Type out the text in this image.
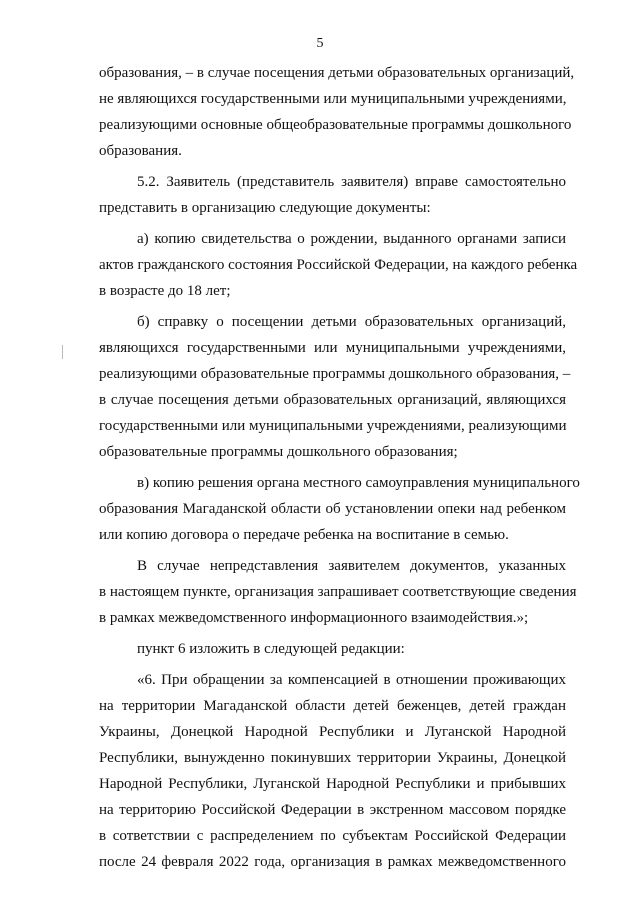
5
образования, – в случае посещения детьми образовательных организаций,
не являющихся государственными или муниципальными учреждениями,
реализующими основные общеобразовательные программы дошкольного
образования.
5.2. Заявитель (представитель заявителя) вправе самостоятельно
представить в организацию следующие документы:
а) копию свидетельства о рождении, выданного органами записи
актов гражданского состояния Российской Федерации, на каждого ребенка
в возрасте до 18 лет;
б) справку о посещении детьми образовательных организаций,
являющихся государственными или муниципальными учреждениями,
реализующими образовательные программы дошкольного образования, –
в случае посещения детьми образовательных организаций, являющихся
государственными или муниципальными учреждениями, реализующими
образовательные программы дошкольного образования;
в) копию решения органа местного самоуправления муниципального
образования Магаданской области об установлении опеки над ребенком
или копию договора о передаче ребенка на воспитание в семью.
В случае непредставления заявителем документов, указанных
в настоящем пункте, организация запрашивает соответствующие сведения
в рамках межведомственного информационного взаимодействия.»;
пункт 6 изложить в следующей редакции:
«6. При обращении за компенсацией в отношении проживающих
на территории Магаданской области детей беженцев, детей граждан
Украины, Донецкой Народной Республики и Луганской Народной
Республики, вынужденно покинувших территории Украины, Донецкой
Народной Республики, Луганской Народной Республики и прибывших
на территорию Российской Федерации в экстренном массовом порядке
в сответствии с распределением по субъектам Российской Федерации
после 24 февраля 2022 года, организация в рамках межведомственного
